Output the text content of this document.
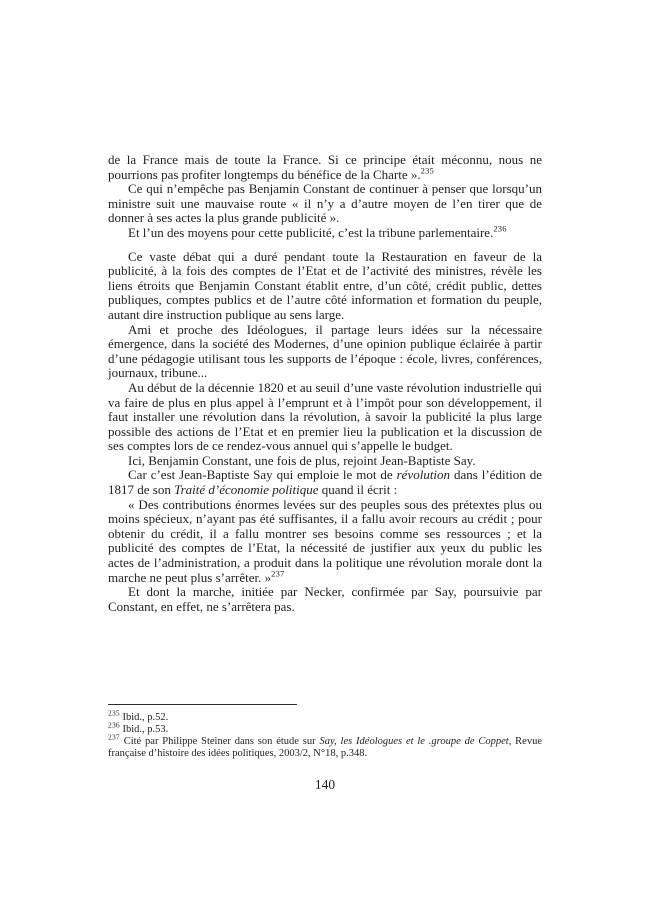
de la France mais de toute la France. Si ce principe était méconnu, nous ne pourrions pas profiter longtemps du bénéfice de la Charte ».$^{235}$

Ce qui n’empêche pas Benjamin Constant de continuer à penser que lorsqu’un ministre suit une mauvaise route « il n’y a d’autre moyen de l’en tirer que de donner à ses actes la plus grande publicité ».

Et l’un des moyens pour cette publicité, c’est la tribune parlementaire.$^{236}$

Ce vaste débat qui a duré pendant toute la Restauration en faveur de la publicité, à la fois des comptes de l’Etat et de l’activité des ministres, révèle les liens étroits que Benjamin Constant établit entre, d’un côté, crédit public, dettes publiques, comptes publics et de l’autre côté information et formation du peuple, autant dire instruction publique au sens large.

Ami et proche des Idéologues, il partage leurs idées sur la nécessaire émergence, dans la société des Modernes, d’une opinion publique éclairée à partir d’une pédagogie utilisant tous les supports de l’époque : école, livres, conférences, journaux, tribune...

Au début de la décennie 1820 et au seuil d’une vaste révolution industrielle qui va faire de plus en plus appel à l’emprunt et à l’impôt pour son développement, il faut installer une révolution dans la révolution, à savoir la publicité la plus large possible des actions de l’Etat et en premier lieu la publication et la discussion de ses comptes lors de ce rendez-vous annuel qui s’appelle le budget.

Ici, Benjamin Constant, une fois de plus, rejoint Jean-Baptiste Say.

Car c’est Jean-Baptiste Say qui emploie le mot de révolution dans l’édition de 1817 de son Traité d’économie politique quand il écrit :

« Des contributions énormes levées sur des peuples sous des prétextes plus ou moins spécieux, n’ayant pas été suffisantes, il a fallu avoir recours au crédit ; pour obtenir du crédit, il a fallu montrer ses besoins comme ses ressources ; et la publicité des comptes de l’Etat, la nécessité de justifier aux yeux du public les actes de l’administration, a produit dans la politique une révolution morale dont la marche ne peut plus s’arrêter. »$^{237}$

Et dont la marche, initiée par Necker, confirmée par Say, poursuivie par Constant, en effet, ne s’arrêtera pas.

$^{235}$ Ibid., p.52.

$^{236}$ Ibid., p.53.

$^{237}$ Cité par Philippe Steiner dans son étude sur Say, les Idéologues et le .groupe de Coppet, Revue française d’histoire des idées politiques, 2003/2, N°18, p.348.

140
